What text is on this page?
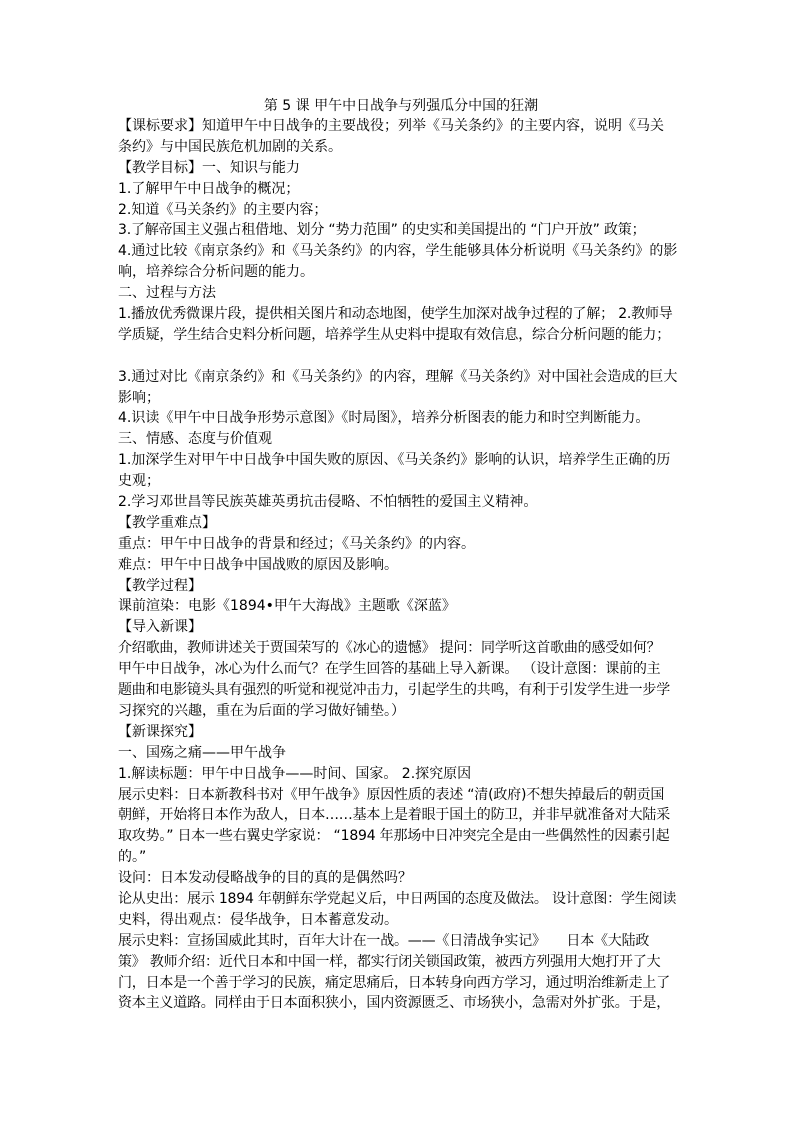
第 5 课 甲午中日战争与列强瓜分中国的狂潮
【课标要求】知道甲午中日战争的主要战役；列举《马关条约》的主要内容，说明《马关
条约》与中国民族危机加剧的关系。
【教学目标】一、知识与能力
1.了解甲午中日战争的概况；
2.知道《马关条约》的主要内容；
3.了解帝国主义强占租借地、划分 “势力范围” 的史实和美国提出的 “门户开放” 政策；
4.通过比较《南京条约》和《马关条约》的内容，学生能够具体分析说明《马关条约》的影
响，培养综合分析问题的能力。
二、过程与方法
1.播放优秀微课片段，提供相关图片和动态地图，使学生加深对战争过程的了解； 2.教师导
学质疑，学生结合史料分析问题，培养学生从史料中提取有效信息，综合分析问题的能力；
3.通过对比《南京条约》和《马关条约》的内容，理解《马关条约》对中国社会造成的巨大
影响；
4.识读《甲午中日战争形势示意图》《时局图》，培养分析图表的能力和时空判断能力。
三、情感、态度与价值观
1.加深学生对甲午中日战争中国失败的原因、《马关条约》影响的认识，培养学生正确的历
史观；
2.学习邓世昌等民族英雄英勇抗击侵略、不怕牺牲的爱国主义精神。
【教学重难点】
重点：甲午中日战争的背景和经过；《马关条约》的内容。
难点：甲午中日战争中国战败的原因及影响。
【教学过程】
课前渲染：电影《1894•甲午大海战》主题歌《深蓝》
【导入新课】
介绍歌曲，教师讲述关于贾国荣写的《冰心的遗憾》 提问：同学听这首歌曲的感受如何？
甲午中日战争，冰心为什么而气？在学生回答的基础上导入新课。 （设计意图：课前的主
题曲和电影镜头具有强烈的听觉和视觉冲击力，引起学生的共鸣，有利于引发学生进一步学
习探究的兴趣，重在为后面的学习做好铺垫。）
【新课探究】
一、国殇之痛——甲午战争
1.解读标题：甲午中日战争——时间、国家。 2.探究原因
展示史料：日本新教科书对《甲午战争》原因性质的表述 “清(政府)不想失掉最后的朝贡国
朝鲜，开始将日本作为敌人，日本……基本上是着眼于国土的防卫，并非早就准备对大陆采
取攻势。” 日本一些右翼史学家说： “1894 年那场中日冲突完全是由一些偶然性的因素引起
的。”
设问：日本发动侵略战争的目的真的是偶然吗？
论从史出：展示 1894 年朝鲜东学党起义后，中日两国的态度及做法。 设计意图：学生阅读
史料，得出观点：侵华战争，日本蓄意发动。
展示史料：宣扬国威此其时，百年大计在一战。——《日清战争实记》　　日本《大陆政
策》 教师介绍：近代日本和中国一样，都实行闭关锁国政策，被西方列强用大炮打开了大
门，日本是一个善于学习的民族，痛定思痛后，日本转身向西方学习，通过明治维新走上了
资本主义道路。同样由于日本面积狭小，国内资源匮乏、市场狭小，急需对外扩张。于是，
